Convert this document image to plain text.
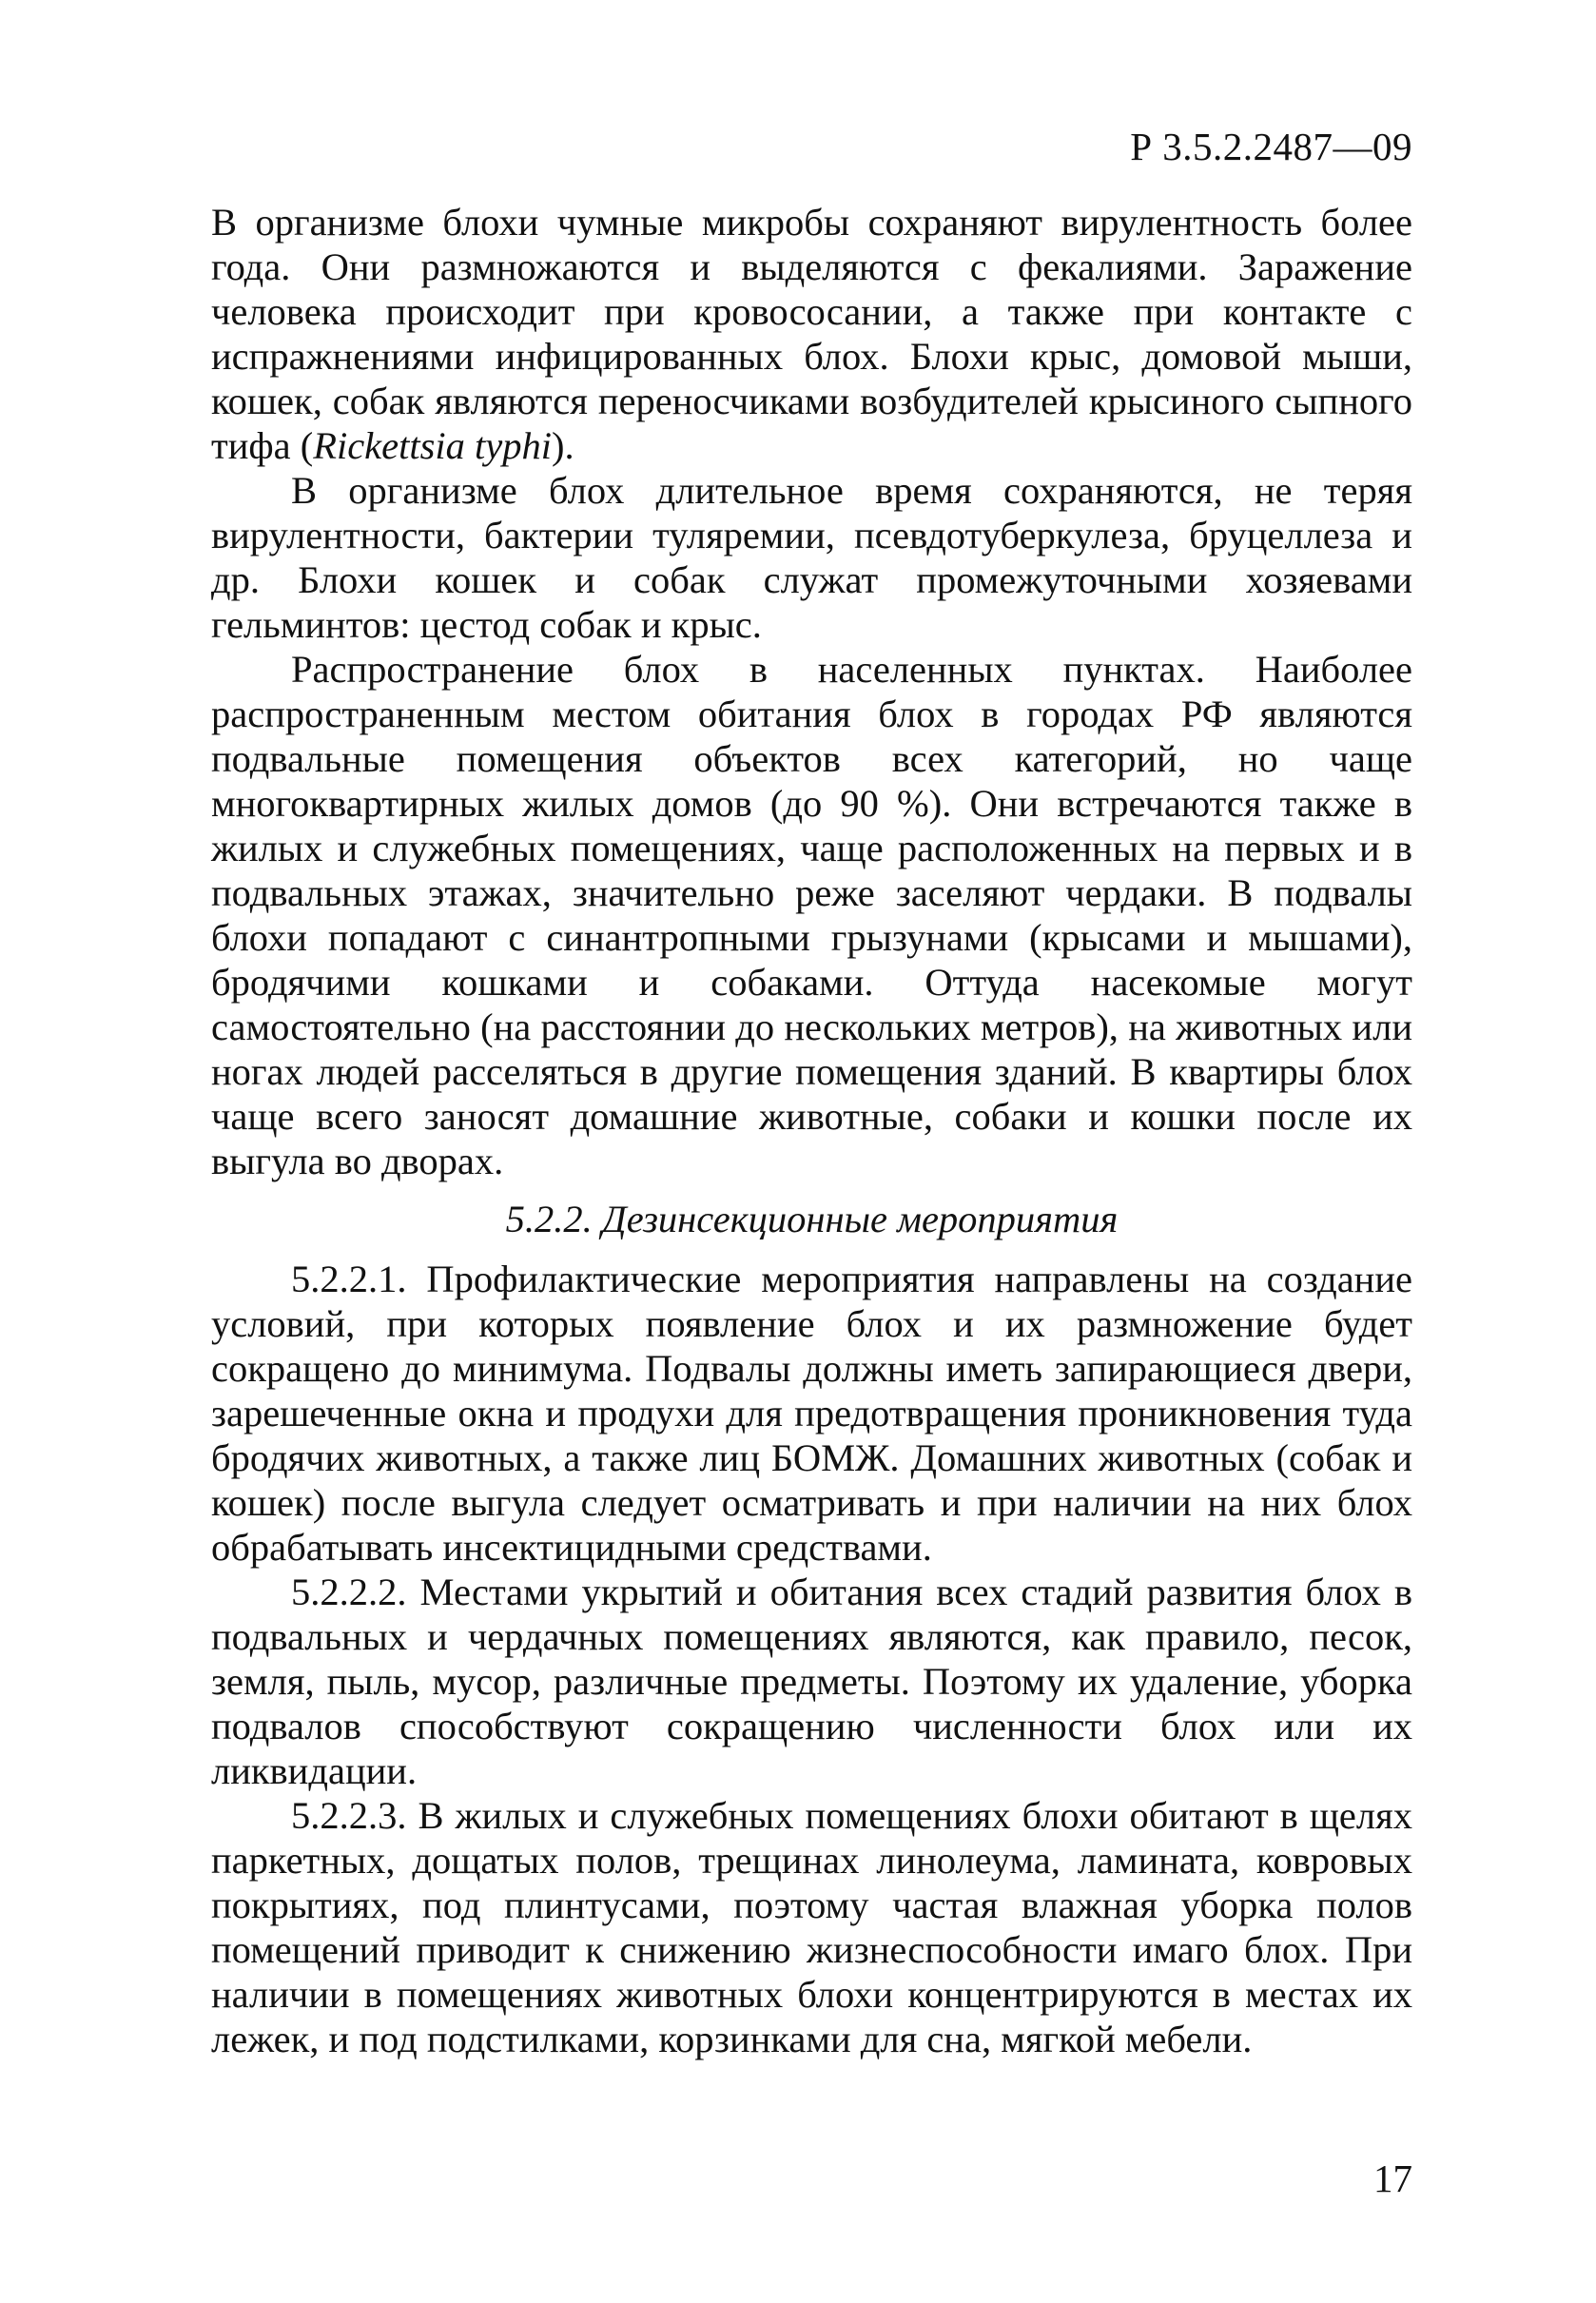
Р 3.5.2.2487—09

В организме блохи чумные микробы сохраняют вирулентность более года. Они размножаются и выделяются с фекалиями. Заражение человека происходит при кровососании, а также при контакте с испражнениями инфицированных блох. Блохи крыс, домовой мыши, кошек, собак являются переносчиками возбудителей крысиного сыпного тифа (Rickettsia typhi).

В организме блох длительное время сохраняются, не теряя вирулентности, бактерии туляремии, псевдотуберкулеза, бруцеллеза и др. Блохи кошек и собак служат промежуточными хозяевами гельминтов: цестод собак и крыс.

Распространение блох в населенных пунктах. Наиболее распространенным местом обитания блох в городах РФ являются подвальные помещения объектов всех категорий, но чаще многоквартирных жилых домов (до 90 %). Они встречаются также в жилых и служебных помещениях, чаще расположенных на первых и в подвальных этажах, значительно реже заселяют чердаки. В подвалы блохи попадают с синантропными грызунами (крысами и мышами), бродячими кошками и собаками. Оттуда насекомые могут самостоятельно (на расстоянии до нескольких метров), на животных или ногах людей расселяться в другие помещения зданий. В квартиры блох чаще всего заносят домашние животные, собаки и кошки после их выгула во дворах.

5.2.2. Дезинсекционные мероприятия

5.2.2.1. Профилактические мероприятия направлены на создание условий, при которых появление блох и их размножение будет сокращено до минимума. Подвалы должны иметь запирающиеся двери, зарешеченные окна и продухи для предотвращения проникновения туда бродячих животных, а также лиц БОМЖ. Домашних животных (собак и кошек) после выгула следует осматривать и при наличии на них блох обрабатывать инсектицидными средствами.

5.2.2.2. Местами укрытий и обитания всех стадий развития блох в подвальных и чердачных помещениях являются, как правило, песок, земля, пыль, мусор, различные предметы. Поэтому их удаление, уборка подвалов способствуют сокращению численности блох или их ликвидации.

5.2.2.3. В жилых и служебных помещениях блохи обитают в щелях паркетных, дощатых полов, трещинах линолеума, ламината, ковровых покрытиях, под плинтусами, поэтому частая влажная уборка полов помещений приводит к снижению жизнеспособности имаго блох. При наличии в помещениях животных блохи концентрируются в местах их лежек, и под подстилками, корзинками для сна, мягкой мебели.

17
